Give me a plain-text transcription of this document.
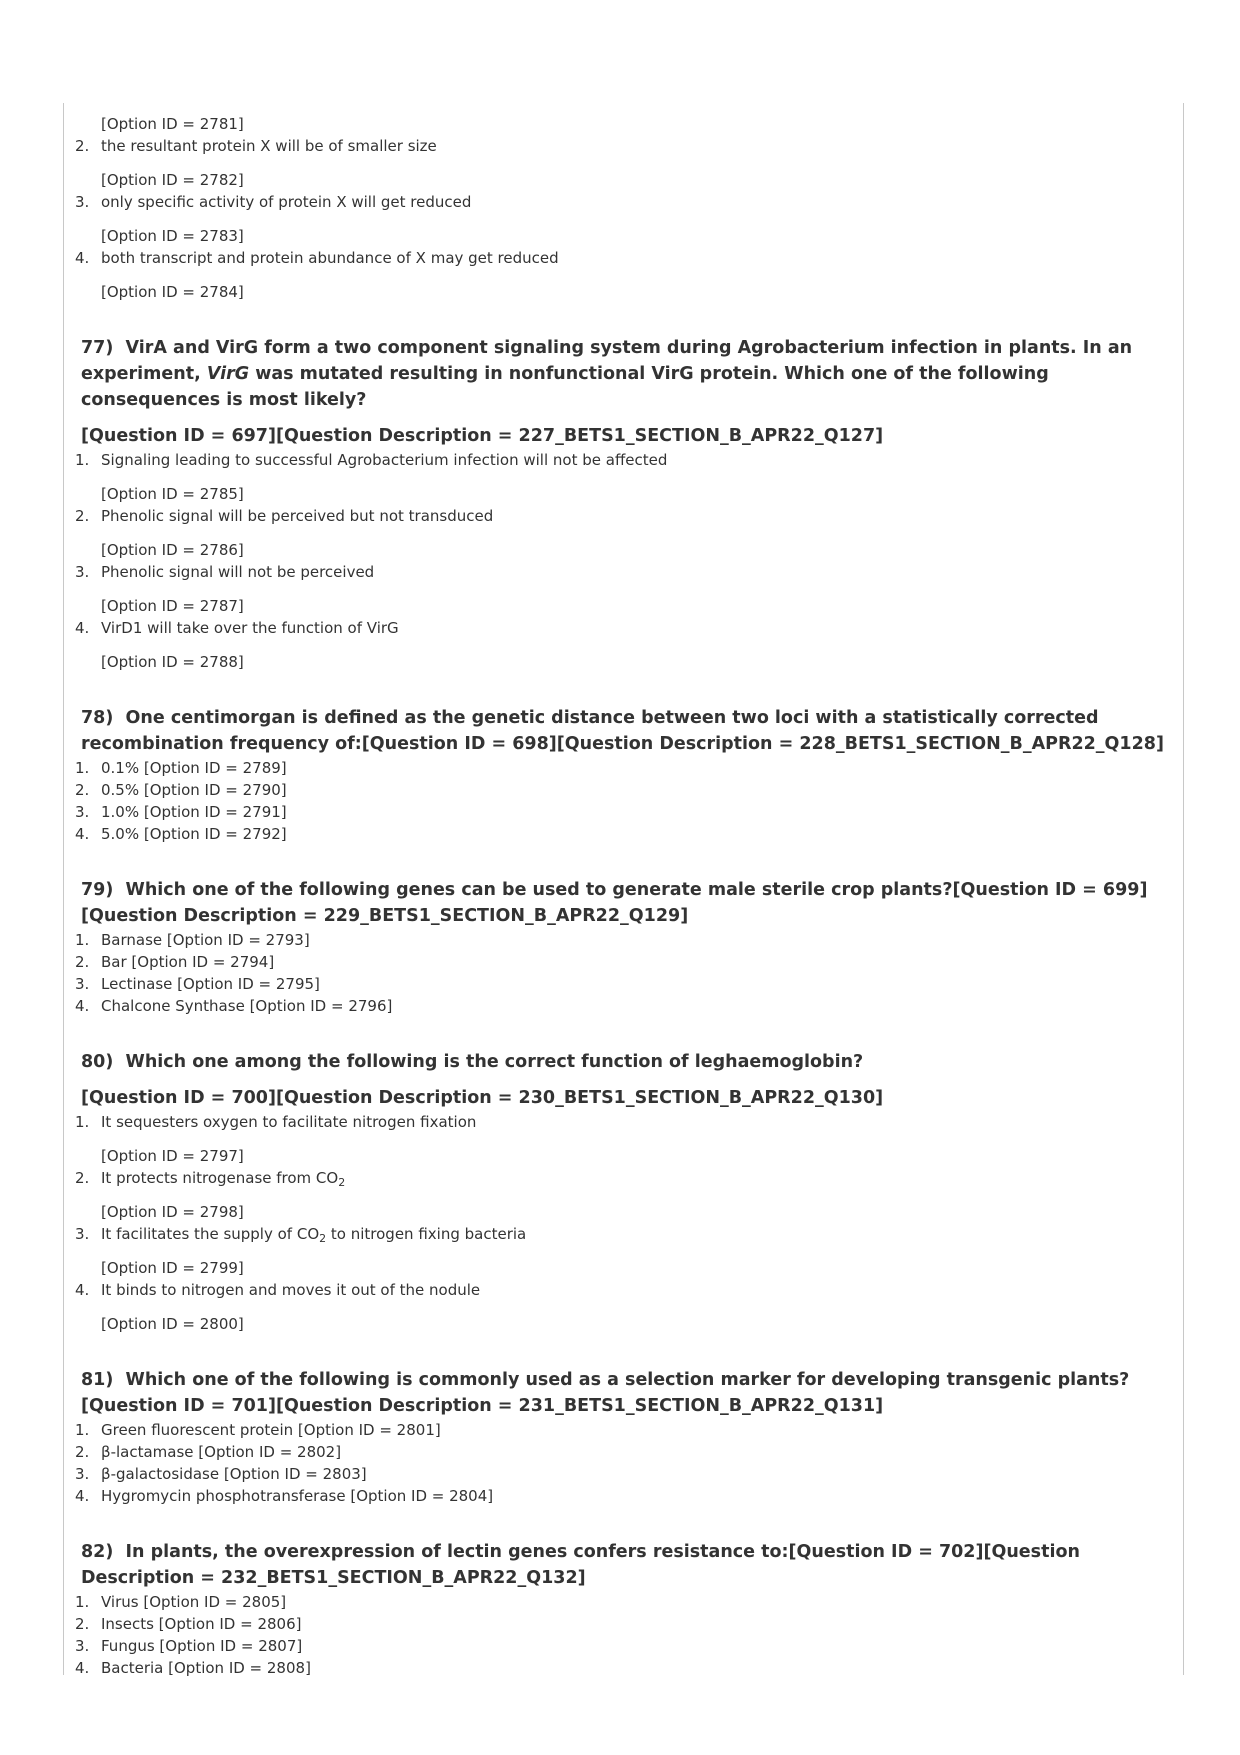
[Option ID = 2781]
2. the resultant protein X will be of smaller size
[Option ID = 2782]
3. only specific activity of protein X will get reduced
[Option ID = 2783]
4. both transcript and protein abundance of X may get reduced
[Option ID = 2784]
77) VirA and VirG form a two component signaling system during Agrobacterium infection in plants. In an experiment, VirG was mutated resulting in nonfunctional VirG protein. Which one of the following consequences is most likely?
[Question ID = 697][Question Description = 227_BETS1_SECTION_B_APR22_Q127]
1. Signaling leading to successful Agrobacterium infection will not be affected
[Option ID = 2785]
2. Phenolic signal will be perceived but not transduced
[Option ID = 2786]
3. Phenolic signal will not be perceived
[Option ID = 2787]
4. VirD1 will take over the function of VirG
[Option ID = 2788]
78) One centimorgan is defined as the genetic distance between two loci with a statistically corrected recombination frequency of:[Question ID = 698][Question Description = 228_BETS1_SECTION_B_APR22_Q128]
1. 0.1% [Option ID = 2789]
2. 0.5% [Option ID = 2790]
3. 1.0% [Option ID = 2791]
4. 5.0% [Option ID = 2792]
79) Which one of the following genes can be used to generate male sterile crop plants?[Question ID = 699][Question Description = 229_BETS1_SECTION_B_APR22_Q129]
1. Barnase [Option ID = 2793]
2. Bar [Option ID = 2794]
3. Lectinase [Option ID = 2795]
4. Chalcone Synthase [Option ID = 2796]
80) Which one among the following is the correct function of leghaemoglobin?
[Question ID = 700][Question Description = 230_BETS1_SECTION_B_APR22_Q130]
1. It sequesters oxygen to facilitate nitrogen fixation
[Option ID = 2797]
2. It protects nitrogenase from $CO_2$
[Option ID = 2798]
3. It facilitates the supply of $CO_2$ to nitrogen fixing bacteria
[Option ID = 2799]
4. It binds to nitrogen and moves it out of the nodule
[Option ID = 2800]
81) Which one of the following is commonly used as a selection marker for developing transgenic plants?[Question ID = 701][Question Description = 231_BETS1_SECTION_B_APR22_Q131]
1. Green fluorescent protein [Option ID = 2801]
2. β-lactamase [Option ID = 2802]
3. β-galactosidase [Option ID = 2803]
4. Hygromycin phosphotransferase [Option ID = 2804]
82) In plants, the overexpression of lectin genes confers resistance to:[Question ID = 702][Question Description = 232_BETS1_SECTION_B_APR22_Q132]
1. Virus [Option ID = 2805]
2. Insects [Option ID = 2806]
3. Fungus [Option ID = 2807]
4. Bacteria [Option ID = 2808]
